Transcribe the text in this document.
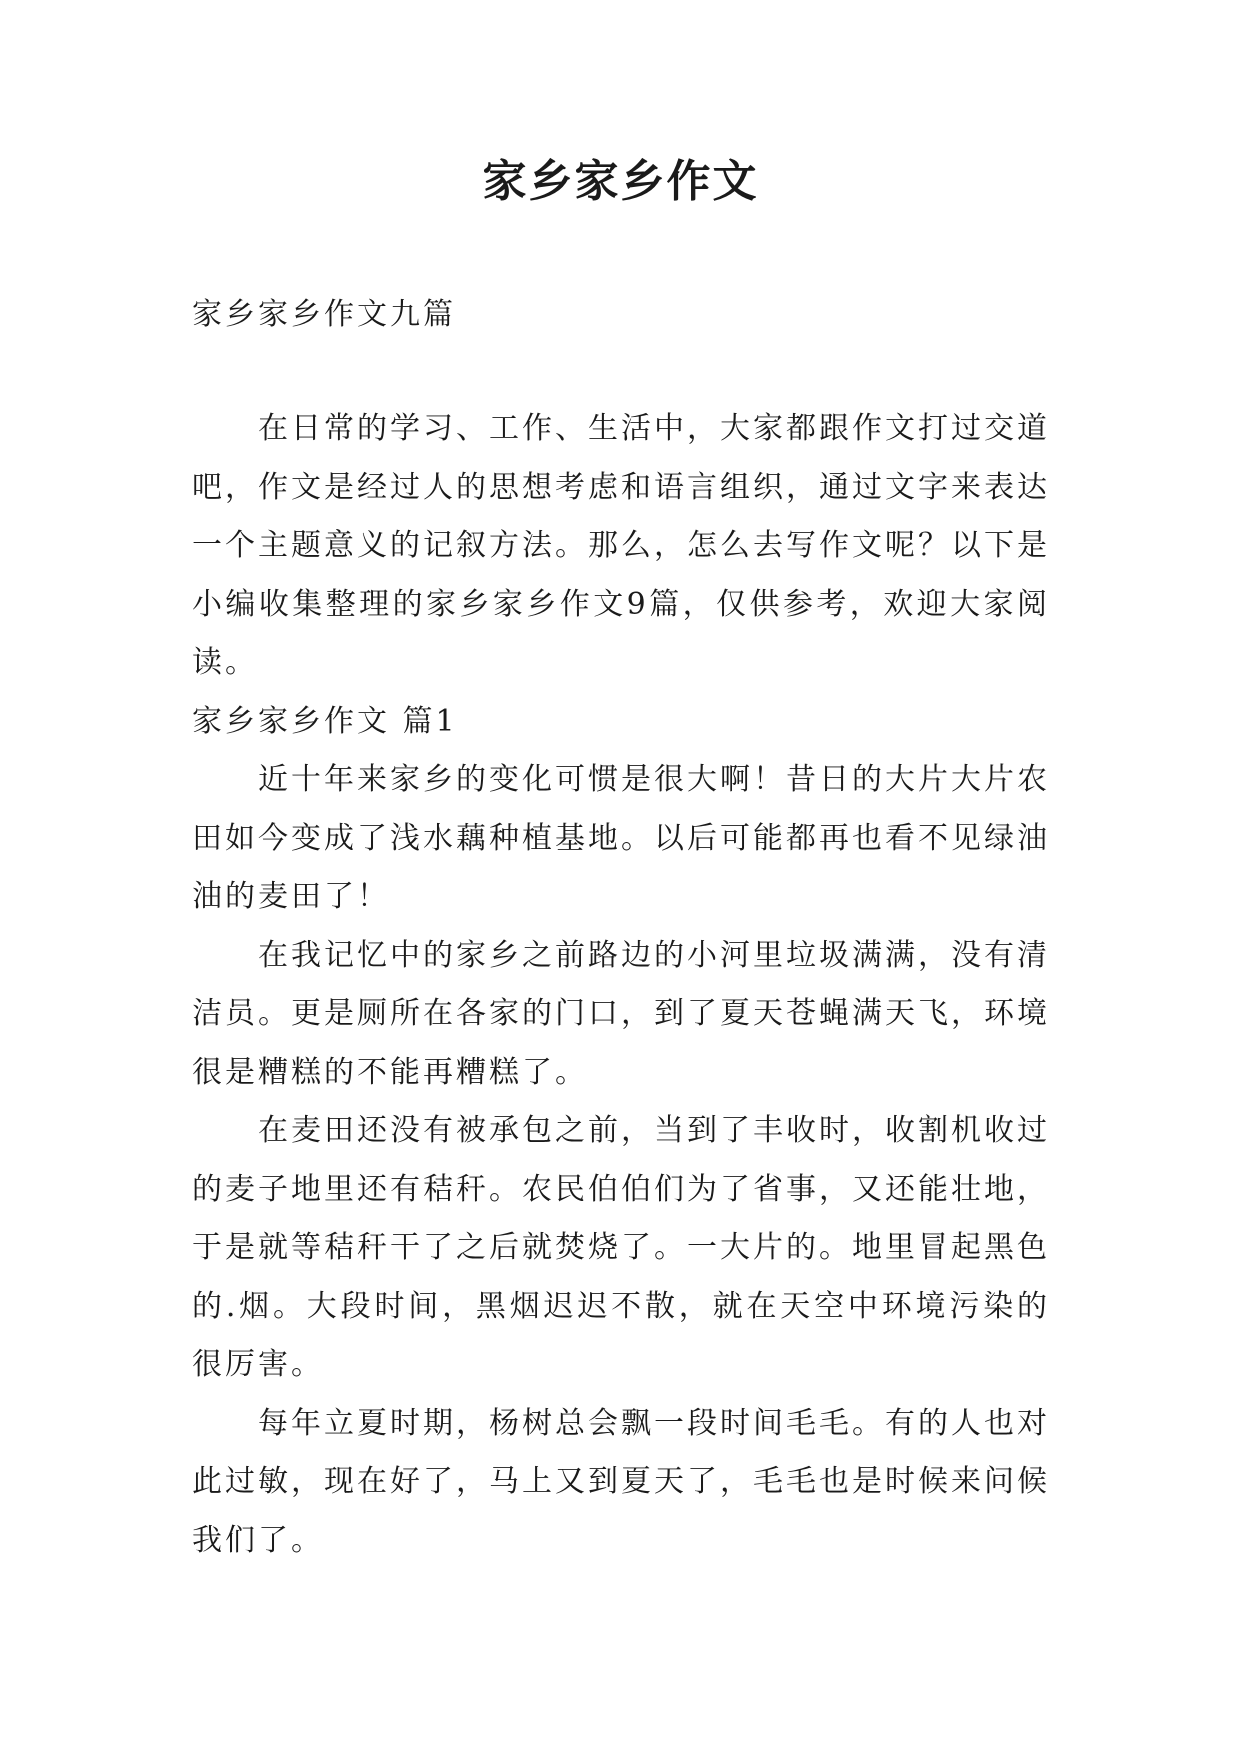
家乡家乡作文
家乡家乡作文九篇

在日常的学习、工作、生活中，大家都跟作文打过交道吧，作文是经过人的思想考虑和语言组织，通过文字来表达一个主题意义的记叙方法。那么，怎么去写作文呢？以下是小编收集整理的家乡家乡作文9篇，仅供参考，欢迎大家阅读。

家乡家乡作文 篇1

近十年来家乡的变化可惯是很大啊！昔日的大片大片农田如今变成了浅水藕种植基地。以后可能都再也看不见绿油油的麦田了！

在我记忆中的家乡之前路边的小河里垃圾满满，没有清洁员。更是厕所在各家的门口，到了夏天苍蝇满天飞，环境很是糟糕的不能再糟糕了。

在麦田还没有被承包之前，当到了丰收时，收割机收过的麦子地里还有秸秆。农民伯伯们为了省事，又还能壮地，于是就等秸秆干了之后就焚烧了。一大片的。地里冒起黑色的.烟。大段时间，黑烟迟迟不散，就在天空中环境污染的很厉害。

每年立夏时期，杨树总会飘一段时间毛毛。有的人也对此过敏，现在好了，马上又到夏天了，毛毛也是时候来问候我们了。
